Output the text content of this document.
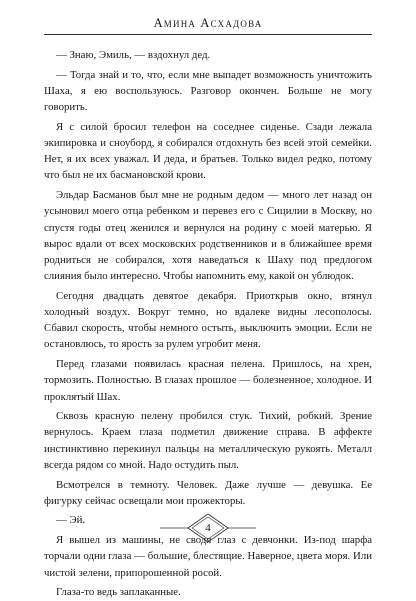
Амина Асхадова

— Знаю, Эмиль, — вздохнул дед.

— Тогда знай и то, что, если мне выпадет возможность уничтожить Шаха, я ею воспользуюсь. Разговор окончен. Больше не могу говорить.

Я с силой бросил телефон на соседнее сиденье. Сзади лежала экипировка и сноуборд, я собирался отдохнуть без всей этой семейки. Нет, я их всех уважал. И деда, и братьев. Только видел редко, потому что был не их басмановской крови.

Эльдар Басманов был мне не родным дедом — много лет назад он усыновил моего отца ребенком и перевез его с Сицилии в Москву, но спустя годы отец женился и вернулся на родину с моей матерью. Я вырос вдали от всех московских родственников и в ближайшее время родниться не собирался, хотя наведаться к Шаху под предлогом слияния было интересно. Чтобы напомнить ему, какой он ублюдок.

Сегодня двадцать девятое декабря. Приоткрыв окно, втянул холодный воздух. Вокруг темно, но вдалеке видны лесополосы. Сбавил скорость, чтобы немного остыть, выключить эмоции. Если не остановлюсь, то ярость за рулем угробит меня.

Перед глазами появилась красная пелена. Пришлось, на хрен, тормозить. Полностью. В глазах прошлое — болезненное, холодное. И проклятый Шах.

Сквозь красную пелену пробился стук. Тихий, робкий. Зрение вернулось. Краем глаза подметил движение справа. В аффекте инстинктивно перекинул пальцы на металлическую рукоять. Металл всегда рядом со мной. Надо остудить пыл.

Всмотрелся в темноту. Человек. Даже лучше — девушка. Ее фигурку сейчас освещали мои прожекторы.

— Эй.

Я вышел из машины, не сводя глаз с девчонки. Из-под шарфа торчали одни глаза — большие, блестящие. Наверное, цвета моря. Или чистой зелени, припорошенной росой.

Глаза-то ведь заплаканные.

4
